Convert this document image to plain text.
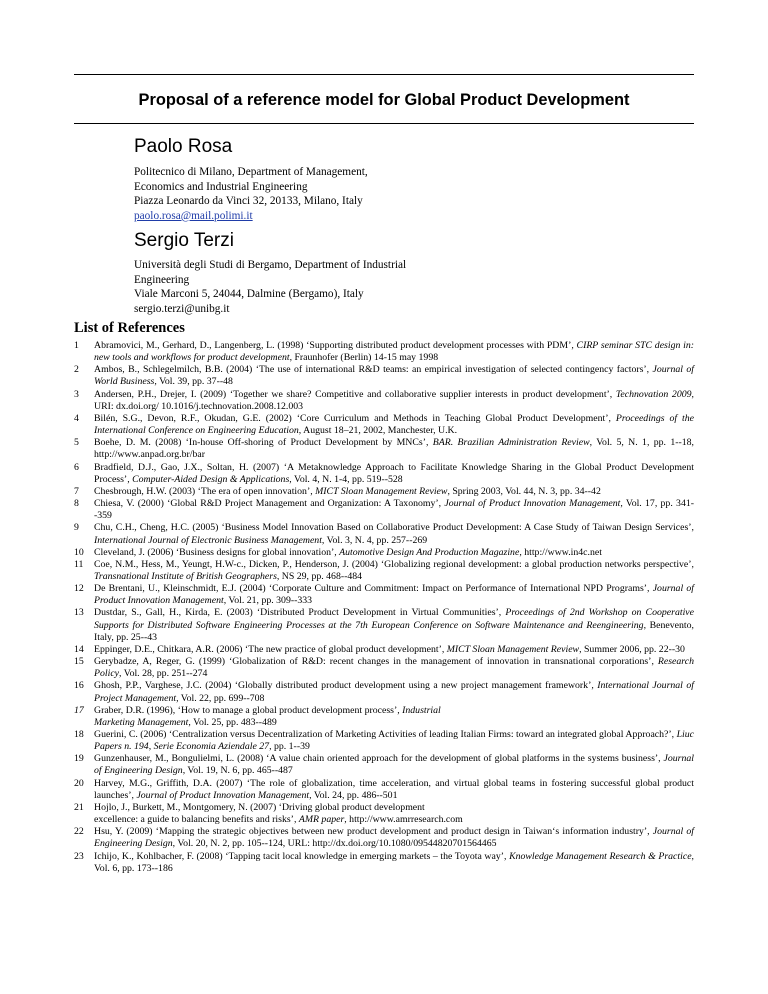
Proposal of a reference model for Global Product Development
Paolo Rosa
Politecnico di Milano, Department of Management,
Economics and Industrial Engineering
Piazza Leonardo da Vinci 32, 20133, Milano, Italy
paolo.rosa@mail.polimi.it
Sergio Terzi
Università degli Studi di Bergamo, Department of Industrial
Engineering
Viale Marconi 5, 24044, Dalmine (Bergamo), Italy
sergio.terzi@unibg.it
List of References
1	Abramovici, M., Gerhard, D., Langenberg, L. (1998) ‘Supporting distributed product development processes with PDM’, CIRP seminar STC design in: new tools and workflows for product development, Fraunhofer (Berlin) 14-15 may 1998
2	Ambos, B., Schlegelmilch, B.B. (2004) ‘The use of international R&D teams: an empirical investigation of selected contingency factors’, Journal of World Business, Vol. 39, pp. 37--48
3	Andersen, P.H., Drejer, I. (2009) ‘Together we share? Competitive and collaborative supplier interests in product development’, Technovation 2009, URI: dx.doi.org/ 10.1016/j.technovation.2008.12.003
4	Bilén, S.G., Devon, R.F., Okudan, G.E. (2002) ‘Core Curriculum and Methods in Teaching Global Product Development’, Proceedings of the International Conference on Engineering Education, August 18–21, 2002, Manchester, U.K.
5	Boehe, D. M. (2008) ‘In-house Off-shoring of Product Development by MNCs’, BAR. Brazilian Administration Review, Vol. 5, N. 1, pp. 1--18, http://www.anpad.org.br/bar
6	Bradfield, D.J., Gao, J.X., Soltan, H. (2007) ‘A Metaknowledge Approach to Facilitate Knowledge Sharing in the Global Product Development Process’, Computer-Aided Design & Applications, Vol. 4, N. 1-4, pp. 519--528
7	Chesbrough, H.W. (2003) ‘The era of open innovation’, MICT Sloan Management Review, Spring 2003, Vol. 44, N. 3, pp. 34--42
8	Chiesa, V. (2000) ‘Global R&D Project Management and Organization: A Taxonomy’, Journal of Product Innovation Management, Vol. 17, pp. 341--359
9	Chu, C.H., Cheng, H.C. (2005) ‘Business Model Innovation Based on Collaborative Product Development: A Case Study of Taiwan Design Services’, International Journal of Electronic Business Management, Vol. 3, N. 4, pp. 257--269
10	Cleveland, J. (2006) ‘Business designs for global innovation’, Automotive Design And Production Magazine, http://www.in4c.net
11	Coe, N.M., Hess, M., Yeungt, H.W-c., Dicken, P., Henderson, J. (2004) ‘Globalizing regional development: a global production networks perspective’, Transnational Institute of British Geographers, NS 29, pp. 468--484
12	De Brentani, U., Kleinschmidt, E.J. (2004) ‘Corporate Culture and Commitment: Impact on Performance of International NPD Programs’, Journal of Product Innovation Management, Vol. 21, pp. 309--333
13	Dustdar, S., Gall, H., Kirda, E. (2003) ‘Distributed Product Development in Virtual Communities’, Proceedings of 2nd Workshop on Cooperative Supports for Distributed Software Engineering Processes at the 7th European Conference on Software Maintenance and Reengineering, Benevento, Italy, pp. 25--43
14	Eppinger, D.E., Chitkara, A.R. (2006) ‘The new practice of global product development’, MICT Sloan Management Review, Summer 2006, pp. 22--30
15	Gerybadze, A, Reger, G. (1999) ‘Globalization of R&D: recent changes in the management of innovation in transnational corporations’, Research Policy, Vol. 28, pp. 251--274
16	Ghosh, P.P., Varghese, J.C. (2004) ‘Globally distributed product development using a new project management framework’, International Journal of Project Management, Vol. 22, pp. 699--708
17	Graber, D.R. (1996), ‘How to manage a global product development process’, Industrial
Marketing Management, Vol. 25, pp. 483--489
18	Guerini, C. (2006) ‘Centralization versus Decentralization of Marketing Activities of leading Italian Firms: toward an integrated global Approach?’, Liuc Papers n. 194, Serie Economia Aziendale 27, pp. 1--39
19	Gunzenhauser, M., Bongulielmi, L. (2008) ‘A value chain oriented approach for the development of global platforms in the systems business’, Journal of Engineering Design, Vol. 19, N. 6, pp. 465--487
20	Harvey, M.G., Griffith, D.A. (2007) ‘The role of globalization, time acceleration, and virtual global teams in fostering successful global product launches’, Journal of Product Innovation Management, Vol. 24, pp. 486--501
21	Hojlo, J., Burkett, M., Montgomery, N. (2007) ‘Driving global product development
excellence: a guide to balancing benefits and risks’, AMR paper, http://www.amrresearch.com
22	Hsu, Y. (2009) ‘Mapping the strategic objectives between new product development and product design in Taiwan‘s information industry’, Journal of Engineering Design, Vol. 20, N. 2, pp. 105--124, URL: http://dx.doi.org/10.1080/09544820701564465
23	Ichijo, K., Kohlbacher, F. (2008) ‘Tapping tacit local knowledge in emerging markets – the Toyota way’, Knowledge Management Research & Practice, Vol. 6, pp. 173--186
